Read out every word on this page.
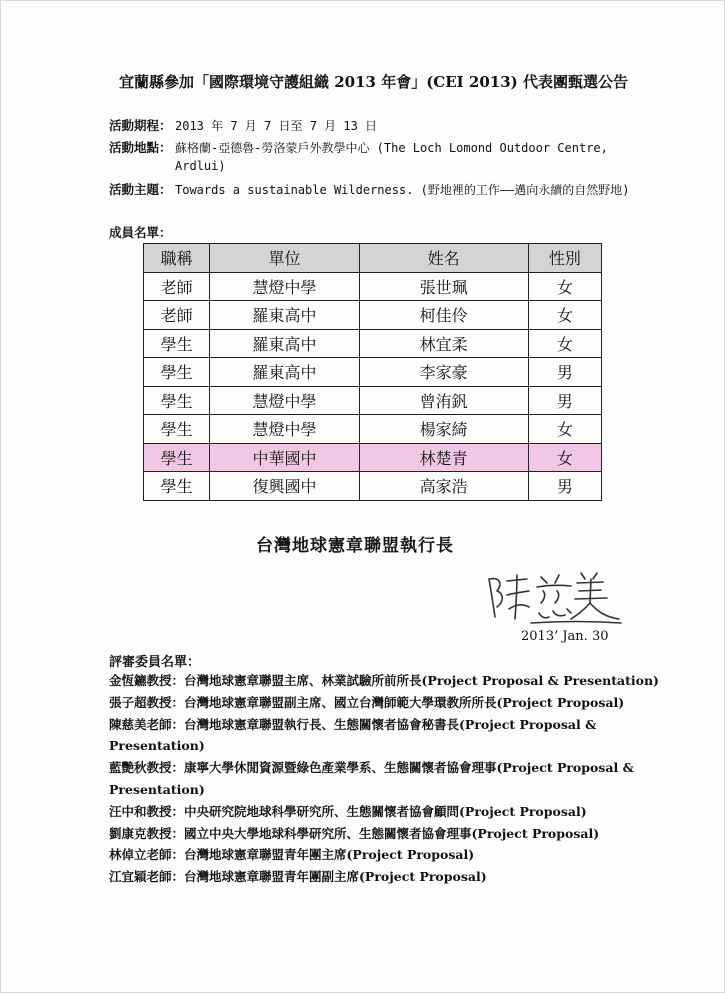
宜蘭縣參加「國際環境守護組織 2013 年會」(CEI 2013) 代表團甄選公告
活動期程： 2013 年 7 月 7 日至 7 月 13 日
活動地點： 蘇格蘭-亞德魯-勞洛蒙戶外教學中心 (The Loch Lomond Outdoor Centre, Ardlui)
活動主題： Towards a sustainable Wilderness. (野地裡的工作——邁向永續的自然野地)
成員名單：
職稱	單位	姓名	性別
老師	慧燈中學	張世珮	女
老師	羅東高中	柯佳伶	女
學生	羅東高中	林宜柔	女
學生	羅東高中	李家豪	男
學生	慧燈中學	曾洧釩	男
學生	慧燈中學	楊家綺	女
學生	中華國中	林楚青	女
學生	復興國中	高家浩	男
台灣地球憲章聯盟執行長
2013’ Jan. 30
評審委員名單：

金恆鑣教授：台灣地球憲章聯盟主席、林業試驗所前所長(Project Proposal & Presentation)

張子超教授：台灣地球憲章聯盟副主席、國立台灣師範大學環教所所長(Project Proposal)

陳慈美老師：台灣地球憲章聯盟執行長、生態關懷者協會秘書長(Project Proposal & Presentation)

藍艷秋教授：康寧大學休閒資源暨綠色產業學系、生態關懷者協會理事(Project Proposal & Presentation)

汪中和教授：中央研究院地球科學研究所、生態關懷者協會顧問(Project Proposal)

劉康克教授：國立中央大學地球科學研究所、生態關懷者協會理事(Project Proposal)

林倬立老師：台灣地球憲章聯盟青年團主席(Project Proposal)

江宜穎老師：台灣地球憲章聯盟青年團副主席(Project Proposal)
